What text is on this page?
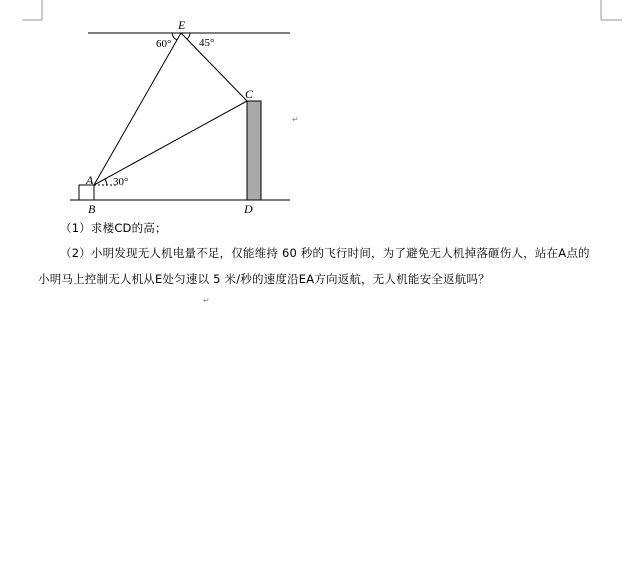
E
C
A
B	D
60°	45°
30°
（1）求楼CD的高；
（2）小明发现无人机电量不足，仅能维持 60 秒的飞行时间，为了避免无人机掉落砸伤人，站在A点的
小明马上控制无人机从E处匀速以 5 米/秒的速度沿EA方向返航，无人机能安全返航吗？
↵
↵
